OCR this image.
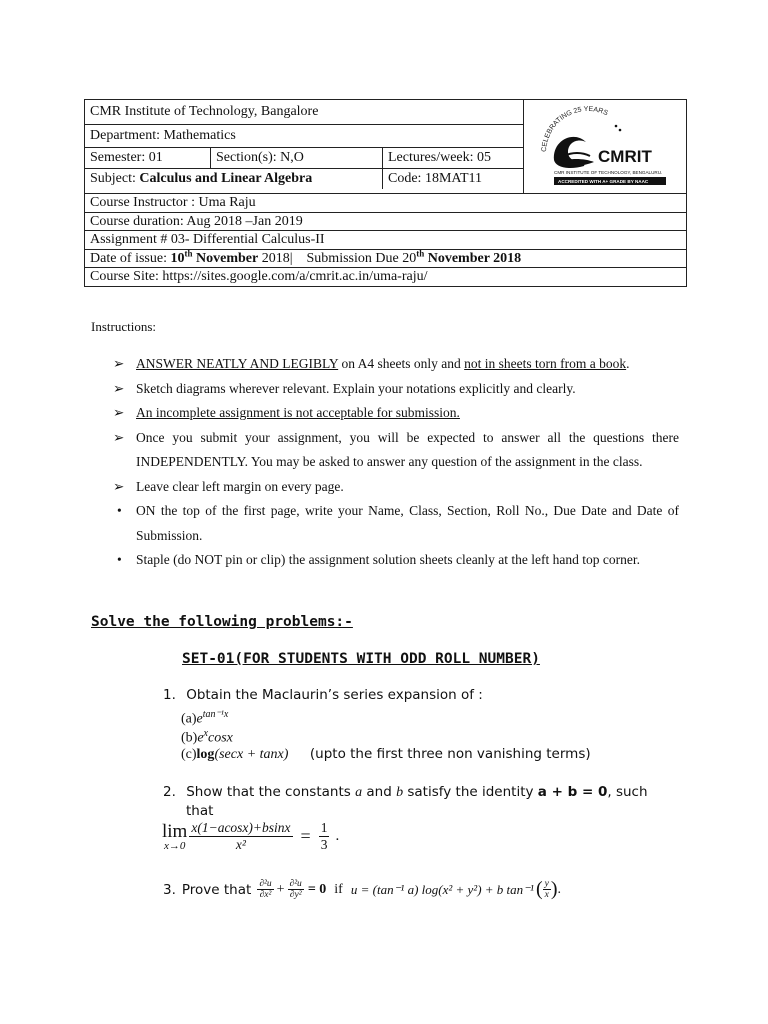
CMR Institute of Technology, Bangalore
Department: Mathematics
Semester: 01	Section(s): N,O	Lectures/week: 05
Subject: Calculus and Linear Algebra	Code: 18MAT11
CELEBRATING 25 YEARS
CMRIT
CMR INSTITUTE OF TECHNOLOGY, BENGALURU.
ACCREDITED WITH A+ GRADE BY NAAC
Course Instructor : Uma Raju
Course duration: Aug 2018 –Jan 2019
Assignment # 03- Differential Calculus-II
Date of issue: 10th November 2018| Submission Due 20th November 2018
Course Site: https://sites.google.com/a/cmrit.ac.in/uma-raju/
Instructions:
➢ ANSWER NEATLY AND LEGIBLY on A4 sheets only and not in sheets torn from a book.
➢ Sketch diagrams wherever relevant. Explain your notations explicitly and clearly.
➢ An incomplete assignment is not acceptable for submission.
➢ Once you submit your assignment, you will be expected to answer all the questions there INDEPENDENTLY. You may be asked to answer any question of the assignment in the class.
➢ Leave clear left margin on every page.
•	ON the top of the first page, write your Name, Class, Section, Roll No., Due Date and Date of Submission.
•	Staple (do NOT pin or clip) the assignment solution sheets cleanly at the left hand top corner.
Solve the following problems:-
SET-01(FOR STUDENTS WITH ODD ROLL NUMBER)
1. Obtain the Maclaurin’s series expansion of :
$(a)e^{tan^{-1}x}$
$(b)e^x\cos x$
(c)log(secx + tanx) (upto the first three non vanishing terms)
2. Show that the constants a and b satisfy the identity a + b = 0, such
that
lim
$x\to 0 \frac{x(1-acosx)+bsinx}{\text{x²}} = \frac{1}{3}$ .
3. Prove that $\frac{\text{∂²u}}{\text{∂x²}} + \frac{\text{∂²u}}{\text{∂y²}} = 0$ if u = (tan⁻¹ a) log(x² + y²) + b tan⁻¹ ( $\frac{y}{x}$ ) .
